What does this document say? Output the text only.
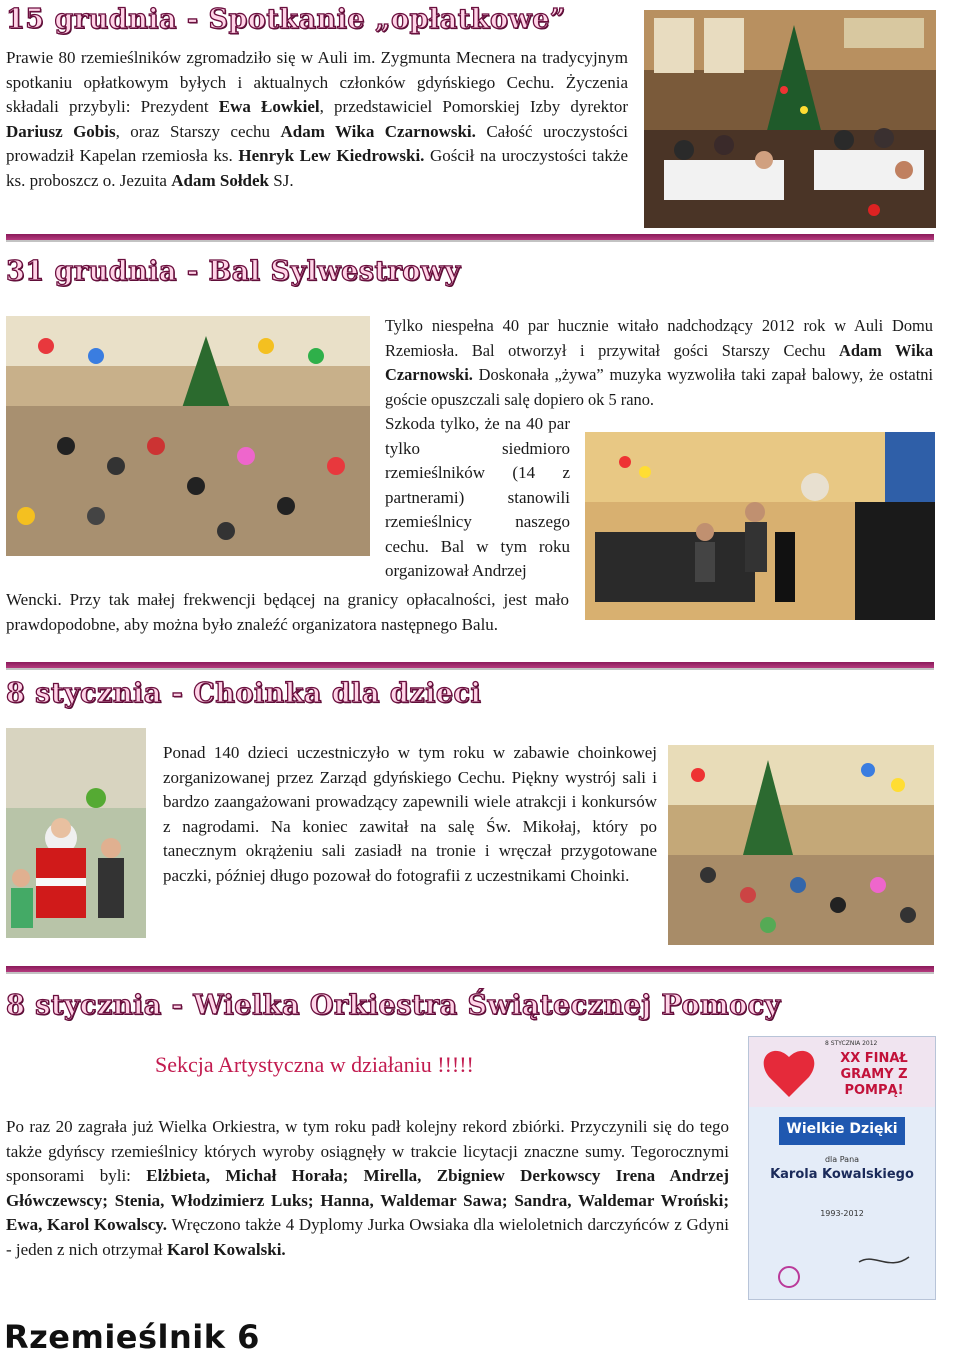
15 grudnia - Spotkanie „opłatkowe”

Prawie 80 rzemieślników zgromadziło się w Auli im. Zygmunta Mecnera na tradycyjnym spotkaniu opłatkowym byłych i aktualnych członków gdyńskiego Cechu. Życzenia składali przybyli: Prezydent Ewa Łowkiel, przedstawiciel Pomorskiej Izby dyrektor Dariusz Gobis, oraz Starszy cechu Adam Wika Czarnowski. Całość uroczystości prowadził Kapelan rzemiosła ks. Henryk Lew Kiedrowski. Gościł na uroczystości także ks. proboszcz o. Jezuita Adam Sołdek SJ.

31 grudnia - Bal Sylwestrowy

Tylko niespełna 40 par hucznie witało nadchodzący 2012 rok w Auli Domu Rzemiosła. Bal otworzył i przywitał gości Starszy Cechu Adam Wika Czarnowski. Doskonała „żywa” muzyka wyzwoliła taki zapał balowy, że ostatni goście opuszczali salę dopiero ok 5 rano.

Szkoda tylko, że na 40 par tylko siedmioro rzemieślników (14 z partnerami) stanowili rzemieślnicy naszego cechu. Bal w tym roku organizował Andrzej

Wencki. Przy tak małej frekwencji będącej na granicy opłacalności, jest mało prawdopodobne, aby można było znaleźć organizatora następnego Balu.

8 stycznia - Choinka dla dzieci

Ponad 140 dzieci uczestniczyło w tym roku w zabawie choinkowej zorganizowanej przez Zarząd gdyńskiego Cechu. Piękny wystrój sali i bardzo zaangażowani prowadzący zapewnili wiele atrakcji i konkursów z nagrodami. Na koniec zawitał na salę Św. Mikołaj, który po tanecznym okrążeniu sali zasiadł na tronie i wręczał przygotowane paczki, później długo pozował do fotografii z uczestnikami Choinki.

8 stycznia - Wielka Orkiestra Świątecznej Pomocy

Sekcja Artystyczna w działaniu !!!!!	XX FINAŁ GRAMY Z POMPĄ!
8 STYCZNIA 2012
Wielkie Dzięki
dla Pana
Karola Kowalskiego
1993-2012

Po raz 20 zagrała już Wielka Orkiestra, w tym roku padł kolejny rekord zbiórki. Przyczynili się do tego także gdyńscy rzemieślnicy których wyroby osiągnęły w trakcie licytacji znaczne sumy. Tegorocznymi sponsorami byli: Elżbieta, Michał Horała; Mirella, Zbigniew Derkowscy Irena Andrzej Główczewscy; Stenia, Włodzimierz Luks; Hanna, Waldemar Sawa; Sandra, Waldemar Wroński; Ewa, Karol Kowalscy. Wręczono także 4 Dyplomy Jurka Owsiaka dla wieloletnich darczyńców z Gdyni - jeden z nich otrzymał Karol Kowalski.

Rzemieślnik 6
